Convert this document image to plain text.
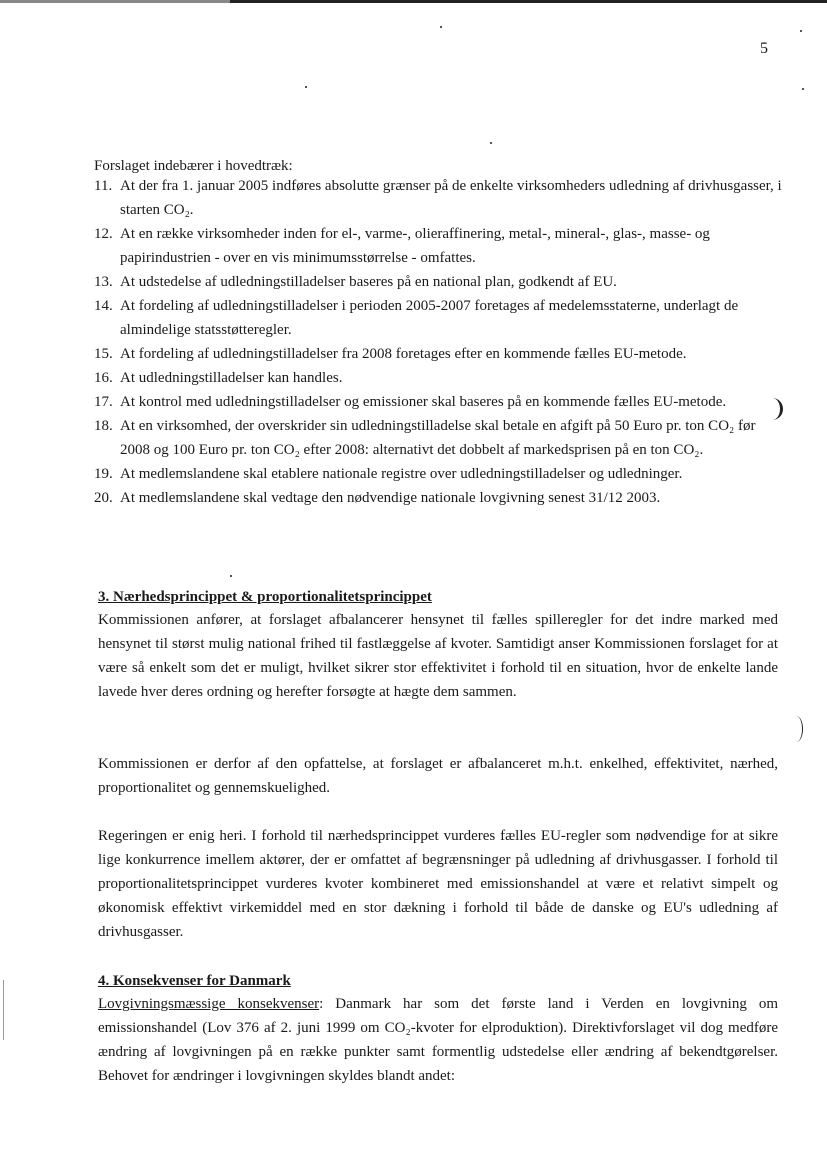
5
Forslaget indebærer i hovedtræk:
11. At der fra 1. januar 2005 indføres absolutte grænser på de enkelte virksomheders udledning af drivhusgasser, i starten CO₂.
12. At en række virksomheder inden for el-, varme-, olieraffinering, metal-, mineral-, glas-, masse- og papirindustrien - over en vis minimumsstørrelse - omfattes.
13. At udstedelse af udledningstilladelser baseres på en national plan, godkendt af EU.
14. At fordeling af udledningstilladelser i perioden 2005-2007 foretages af medelemsstaterne, underlagt de almindelige statsstøtteregler.
15. At fordeling af udledningstilladelser fra 2008 foretages efter en kommende fælles EU-metode.
16. At udledningstilladelser kan handles.
17. At kontrol med udledningstilladelser og emissioner skal baseres på en kommende fælles EU-metode.
18. At en virksomhed, der overskrider sin udledningstilladelse skal betale en afgift på 50 Euro pr. ton CO₂ før 2008 og 100 Euro pr. ton CO₂ efter 2008: alternativt det dobbelt af markedsprisen på en ton CO₂.
19. At medlemslandene skal etablere nationale registre over udledningstilladelser og udledninger.
20. At medlemslandene skal vedtage den nødvendige nationale lovgivning senest 31/12 2003.
3. Nærhedsprincippet & proportionalitetsprincippet

Kommissionen anfører, at forslaget afbalancerer hensynet til fælles spilleregler for det indre marked med hensynet til størst mulig national frihed til fastlæggelse af kvoter. Samtidigt anser Kommissionen forslaget for at være så enkelt som det er muligt, hvilket sikrer stor effektivitet i forhold til en situation, hvor de enkelte lande lavede hver deres ordning og herefter forsøgte at hægte dem sammen.

Kommissionen er derfor af den opfattelse, at forslaget er afbalanceret m.h.t. enkelhed, effektivitet, nærhed, proportionalitet og gennemskuelighed.

Regeringen er enig heri. I forhold til nærhedsprincippet vurderes fælles EU-regler som nødvendige for at sikre lige konkurrence imellem aktører, der er omfattet af begrænsninger på udledning af drivhusgasser. I forhold til proportionalitetsprincippet vurderes kvoter kombineret med emissionshandel at være et relativt simpelt og økonomisk effektivt virkemiddel med en stor dækning i forhold til både de danske og EU's udledning af drivhusgasser.

4. Konsekvenser for Danmark

Lovgivningsmæssige konsekvenser: Danmark har som det første land i Verden en lovgivning om emissionshandel (Lov 376 af 2. juni 1999 om CO₂-kvoter for elproduktion). Direktivforslaget vil dog medføre ændring af lovgivningen på en række punkter samt formentlig udstedelse eller ændring af bekendtgørelser. Behovet for ændringer i lovgivningen skyldes blandt andet:
